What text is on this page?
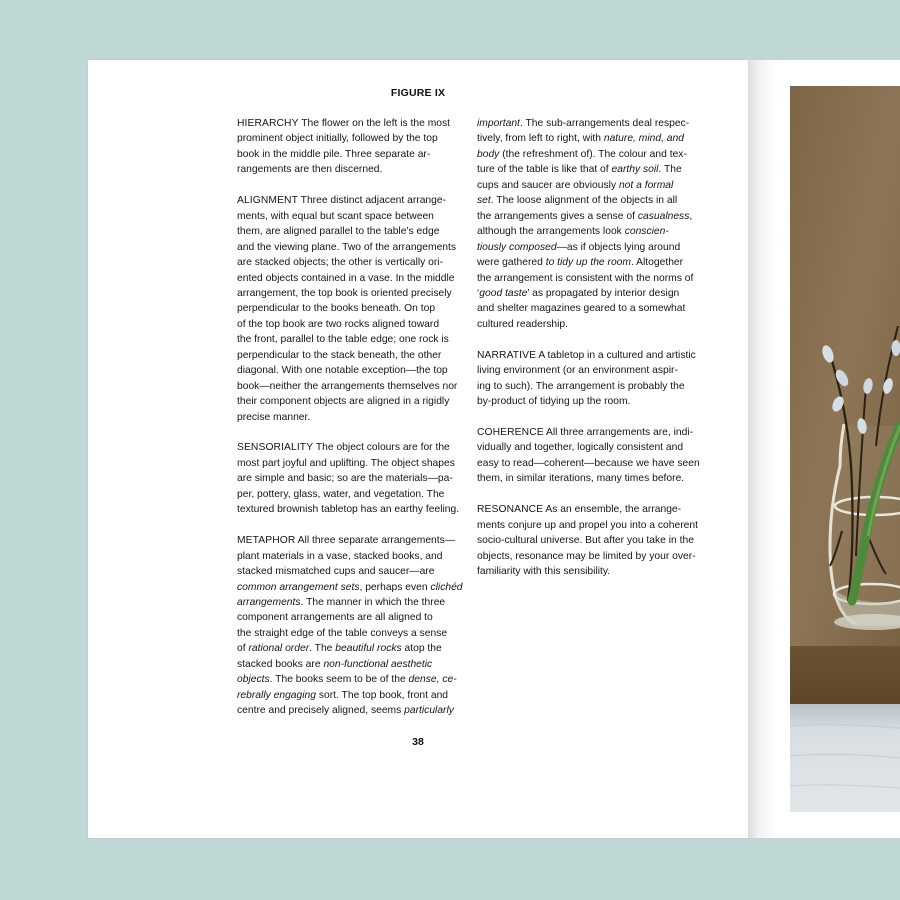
FIGURE IX

HIERARCHY The flower on the left is the most
prominent object initially, followed by the top
book in the middle pile. Three separate ar-
rangements are then discerned.

ALIGNMENT Three distinct adjacent arrange-
ments, with equal but scant space between
them, are aligned parallel to the table’s edge
and the viewing plane. Two of the arrangements
are stacked objects; the other is vertically ori-
ented objects contained in a vase. In the middle
arrangement, the top book is oriented precisely
perpendicular to the books beneath. On top
of the top book are two rocks aligned toward
the front, parallel to the table edge; one rock is
perpendicular to the stack beneath, the other
diagonal. With one notable exception—the top
book—neither the arrangements themselves nor
their component objects are aligned in a rigidly
precise manner.

SENSORIALITY The object colours are for the
most part joyful and uplifting. The object shapes
are simple and basic; so are the materials—pa-
per, pottery, glass, water, and vegetation. The
textured brownish tabletop has an earthy feeling.

METAPHOR All three separate arrangements—
plant materials in a vase, stacked books, and
stacked mismatched cups and saucer—are
common arrangement sets, perhaps even clichéd
arrangements. The manner in which the three
component arrangements are all aligned to
the straight edge of the table conveys a sense
of rational order. The beautiful rocks atop the
stacked books are non-functional aesthetic
objects. The books seem to be of the dense, ce-
rebrally engaging sort. The top book, front and
centre and precisely aligned, seems particularly

important. The sub-arrangements deal respec-
tively, from left to right, with nature, mind, and
body (the refreshment of). The colour and tex-
ture of the table is like that of earthy soil. The
cups and saucer are obviously not a formal
set. The loose alignment of the objects in all
the arrangements gives a sense of casualness,
although the arrangements look conscien-
tiously composed—as if objects lying around
were gathered to tidy up the room. Altogether
the arrangement is consistent with the norms of
‘good taste’ as propagated by interior design
and shelter magazines geared to a somewhat
cultured readership.

NARRATIVE A tabletop in a cultured and artistic
living environment (or an environment aspir-
ing to such). The arrangement is probably the
by-product of tidying up the room.

COHERENCE All three arrangements are, indi-
vidually and together, logically consistent and
easy to read—coherent—because we have seen
them, in similar iterations, many times before.

RESONANCE As an ensemble, the arrange-
ments conjure up and propel you into a coherent
socio-cultural universe. But after you take in the
objects, resonance may be limited by your over-
familiarity with this sensibility.

38
